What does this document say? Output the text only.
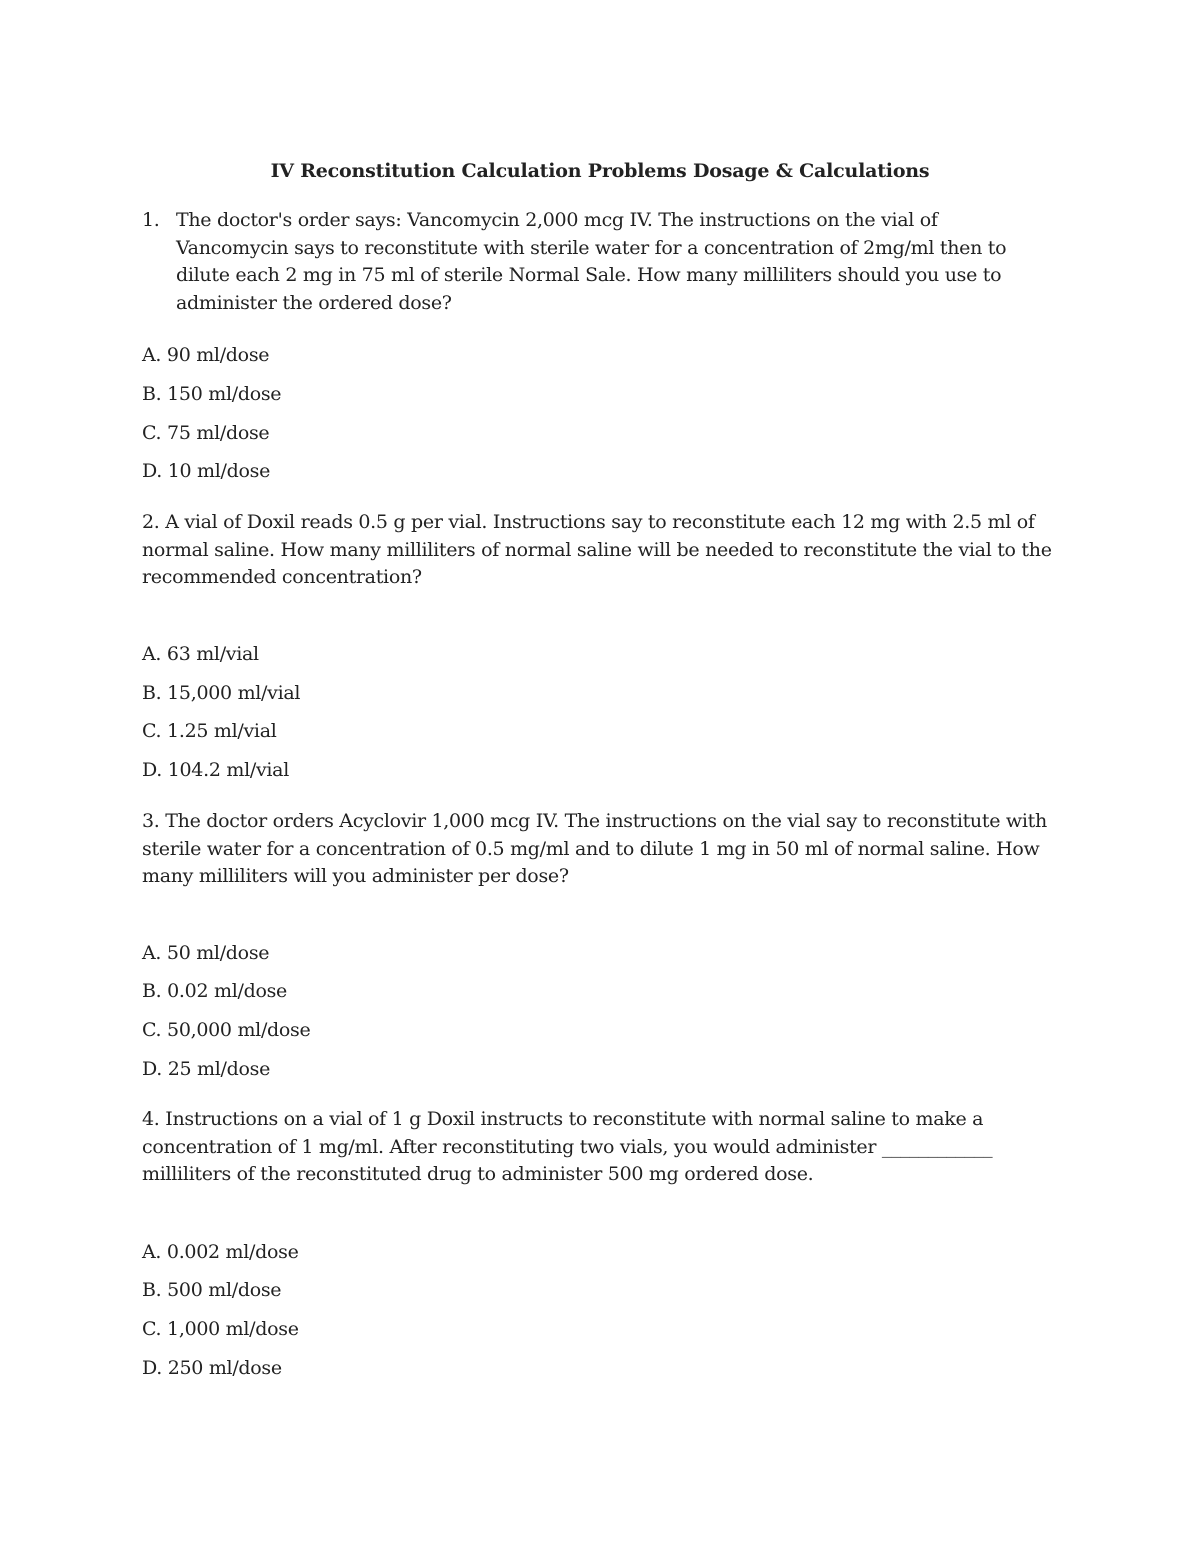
IV Reconstitution Calculation Problems Dosage & Calculations
1. The doctor's order says: Vancomycin 2,000 mcg IV. The instructions on the vial of Vancomycin says to reconstitute with sterile water for a concentration of 2mg/ml then to dilute each 2 mg in 75 ml of sterile Normal Sale. How many milliliters should you use to administer the ordered dose?

A. 90 ml/dose

B. 150 ml/dose

C. 75 ml/dose

D. 10 ml/dose

2. A vial of Doxil reads 0.5 g per vial. Instructions say to reconstitute each 12 mg with 2.5 ml of normal saline. How many milliliters of normal saline will be needed to reconstitute the vial to the recommended concentration?

A. 63 ml/vial

B. 15,000 ml/vial

C. 1.25 ml/vial

D. 104.2 ml/vial

3. The doctor orders Acyclovir 1,000 mcg IV. The instructions on the vial say to reconstitute with sterile water for a concentration of 0.5 mg/ml and to dilute 1 mg in 50 ml of normal saline. How many milliliters will you administer per dose?

A. 50 ml/dose

B. 0.02 ml/dose

C. 50,000 ml/dose

D. 25 ml/dose

4. Instructions on a vial of 1 g Doxil instructs to reconstitute with normal saline to make a concentration of 1 mg/ml. After reconstituting two vials, you would administer ____________ milliliters of the reconstituted drug to administer 500 mg ordered dose.

A. 0.002 ml/dose

B. 500 ml/dose

C. 1,000 ml/dose

D. 250 ml/dose
